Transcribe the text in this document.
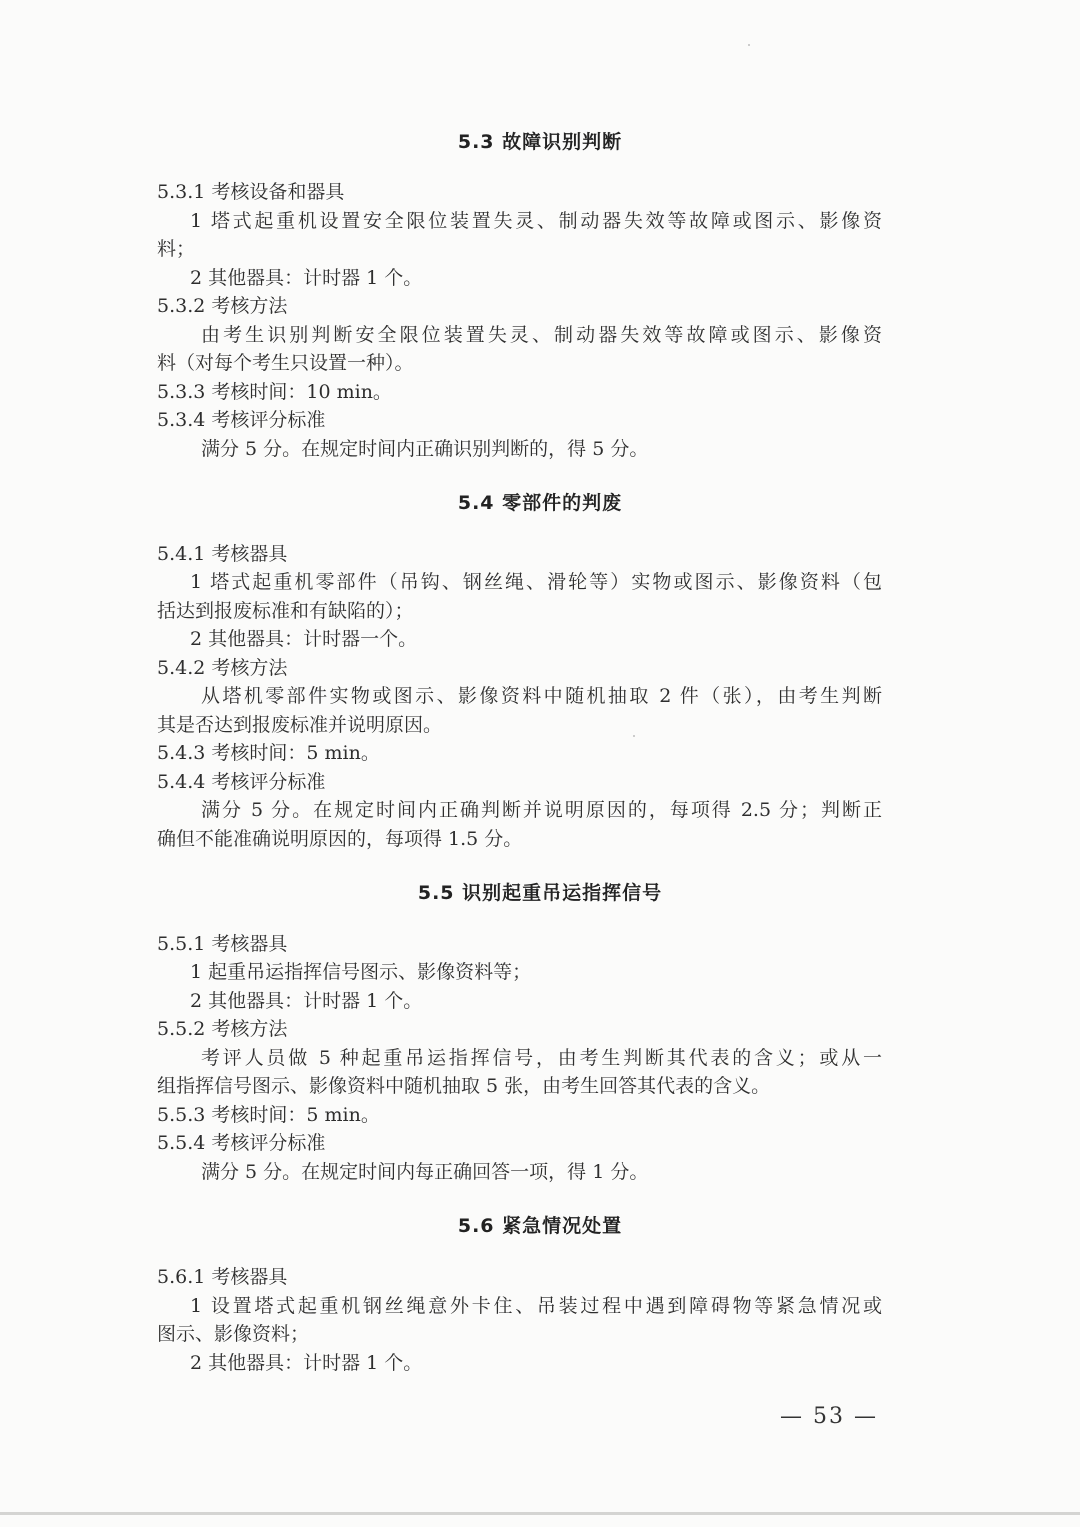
5.3 故障识别判断
5.3.1 考核设备和器具
1 塔式起重机设置安全限位装置失灵、制动器失效等故障或图示、影像资
料；
2 其他器具：计时器 1 个。
5.3.2 考核方法
由考生识别判断安全限位装置失灵、制动器失效等故障或图示、影像资
料（对每个考生只设置一种）。
5.3.3 考核时间：10 min。
5.3.4 考核评分标准
满分 5 分。在规定时间内正确识别判断的，得 5 分。
5.4 零部件的判废
5.4.1 考核器具
1 塔式起重机零部件（吊钩、钢丝绳、滑轮等）实物或图示、影像资料（包
括达到报废标准和有缺陷的）；
2 其他器具：计时器一个。
5.4.2 考核方法
从塔机零部件实物或图示、影像资料中随机抽取 2 件（张），由考生判断
其是否达到报废标准并说明原因。
5.4.3 考核时间：5 min。
5.4.4 考核评分标准
满分 5 分。在规定时间内正确判断并说明原因的，每项得 2.5 分；判断正
确但不能准确说明原因的，每项得 1.5 分。
5.5 识别起重吊运指挥信号
5.5.1 考核器具
1 起重吊运指挥信号图示、影像资料等；
2 其他器具：计时器 1 个。
5.5.2 考核方法
考评人员做 5 种起重吊运指挥信号，由考生判断其代表的含义；或从一
组指挥信号图示、影像资料中随机抽取 5 张，由考生回答其代表的含义。
5.5.3 考核时间：5 min。
5.5.4 考核评分标准
满分 5 分。在规定时间内每正确回答一项，得 1 分。
5.6 紧急情况处置
5.6.1 考核器具
1 设置塔式起重机钢丝绳意外卡住、吊装过程中遇到障碍物等紧急情况或
图示、影像资料；
2 其他器具：计时器 1 个。
— 53 —
